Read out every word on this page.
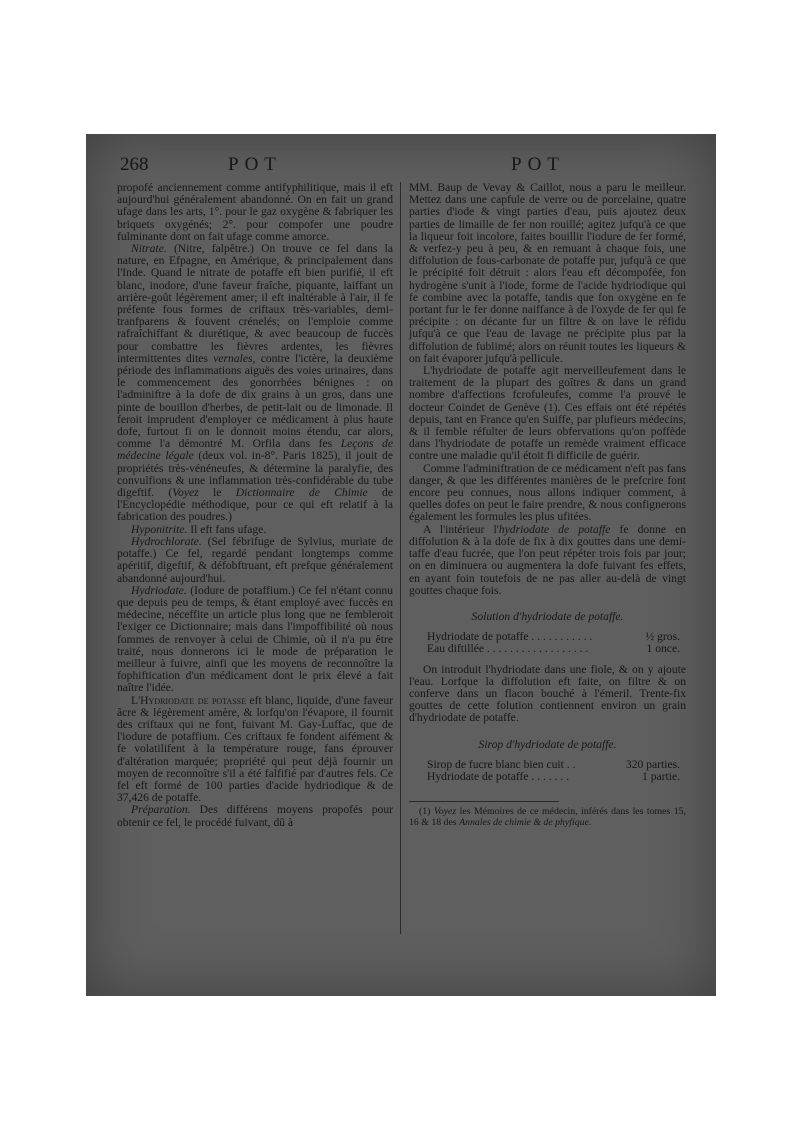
268	POT	POT

propofé anciennement comme antifyphilitique, mais il eft aujourd'hui généralement abandonné. On en fait un grand ufage dans les arts, 1°. pour le gaz oxygène & fabriquer les briquets oxygénés; 2°. pour compofer une poudre fulminante dont on fait ufage comme amorce.

Nitrate. (Nitre, falpêtre.) On trouve ce fel dans la nature, en Efpagne, en Amérique, & principalement dans l'Inde. Quand le nitrate de potaffe eft bien purifié, il eft blanc, inodore, d'une faveur fraîche, piquante, laiffant un arrière-goût légèrement amer; il eft inaltérable à l'air, il fe préfente fous formes de criftaux très-variables, demi-tranfparens & fouvent crénelés; on l'emploie comme rafraîchiffant & diurétique, & avec beaucoup de fuccès pour combattre les fièvres ardentes, les fièvres intermittentes dites vernales, contre l'ictère, la deuxième période des inflammations aiguës des voies urinaires, dans le commencement des gonorrhées bénignes : on l'adminiftre à la dofe de dix grains à un gros, dans une pinte de bouillon d'herbes, de petit-lait ou de limonade. Il feroit imprudent d'employer ce médicament à plus haute dofe, furtout fi on le donnoit moins étendu, car alors, comme l'a démontré M. Orfila dans fes Leçons de médecine légale (deux vol. in-8°. Paris 1825), il jouit de propriétés très-vénéneufes, & détermine la paralyfie, des convulfions & une inflammation très-confidérable du tube digeftif. (Voyez le Dictionnaire de Chimie de l'Encyclopédie méthodique, pour ce qui eft relatif à la fabrication des poudres.)

Hyponitrite. Il eft fans ufage.

Hydrochlorate. (Sel fébrifuge de Sylvius, muriate de potaffe.) Ce fel, regardé pendant longtemps comme apéritif, digeftif, & défobftruant, eft prefque généralement abandonné aujourd'hui.

Hydriodate. (Iodure de potaffium.) Ce fel n'étant connu que depuis peu de temps, & étant employé avec fuccès en médecine, néceffite un article plus long que ne fembleroit l'exiger ce Dictionnaire; mais dans l'impoffibilité où nous fommes de renvoyer à celui de Chimie, où il n'a pu être traité, nous donnerons ici le mode de préparation le meilleur à fuivre, ainfi que les moyens de reconnoître la fophiftication d'un médicament dont le prix élevé a fait naître l'idée.

L'Hydriodate de potasse eft blanc, liquide, d'une faveur âcre & légèrement amère, & lorfqu'on l'évapore, il fournit des criftaux qui ne font, fuivant M. Gay-Luffac, que de l'iodure de potaffium. Ces criftaux fe fondent aifément & fe volatilifent à la température rouge, fans éprouver d'altération marquée; propriété qui peut déjà fournir un moyen de reconnoître s'il a été falfifié par d'autres fels. Ce fel eft formé de 100 parties d'acide hydriodique & de 37,426 de potaffe.

Préparation. Des différens moyens propofés pour obtenir ce fel, le procédé fuivant, dû à

MM. Baup de Vevay & Caillot, nous a paru le meilleur. Mettez dans une capfule de verre ou de porcelaine, quatre parties d'iode & vingt parties d'eau, puis ajoutez deux parties de limaille de fer non rouillé; agitez jufqu'à ce que la liqueur foit incolore, faites bouillir l'iodure de fer formé, & verfez-y peu à peu, & en remuant à chaque fois, une diffolution de fous-carbonate de potaffe pur, jufqu'à ce que le précipité foit détruit : alors l'eau eft décompofée, fon hydrogène s'unit à l'iode, forme de l'acide hydriodique qui fe combine avec la potaffe, tandis que fon oxygène en fe portant fur le fer donne naiffance à de l'oxyde de fer qui fe précipite : on décante fur un filtre & on lave le réfidu jufqu'à ce que l'eau de lavage ne précipite plus par la diffolution de fublimé; alors on réunit toutes les liqueurs & on fait évaporer jufqu'à pellicule.

L'hydriodate de potaffe agit merveilleufement dans le traitement de la plupart des goîtres & dans un grand nombre d'affections fcrofuleufes, comme l'a prouvé le docteur Coindet de Genève (1). Ces effais ont été répétés depuis, tant en France qu'en Suiffe, par plufieurs médecins, & il femble réfulter de leurs obfervations qu'on poffède dans l'hydriodate de potaffe un remède vraiment efficace contre une maladie qu'il étoit fi difficile de guérir.

Comme l'adminiftration de ce médicament n'eft pas fans danger, & que les différentes manières de le prefcrire font encore peu connues, nous allons indiquer comment, à quelles dofes on peut le faire prendre, & nous confignerons également les formules les plus ufitées.

A l'intérieur l'hydriodate de potaffe fe donne en diffolution & à la dofe de fix à dix gouttes dans une demi-taffe d'eau fucrée, que l'on peut répéter trois fois par jour; on en diminuera ou augmentera la dofe fuivant fes effets, en ayant foin toutefois de ne pas aller au-delà de vingt gouttes chaque fois.

Solution d'hydriodate de potaffe.

Hydriodate de potaffe . . . . . . . . . . .	½ gros.
Eau diftillée . . . . . . . . . . . . . . . . . .	1 once.

On introduit l'hydriodate dans une fiole, & on y ajoute l'eau. Lorfque la diffolution eft faite, on filtre & on conferve dans un flacon bouché à l'émeril. Trente-fix gouttes de cette folution contiennent environ un grain d'hydriodate de potaffe.

Sirop d'hydriodate de potaffe.

Sirop de fucre blanc bien cuit . .	320 parties.
Hydriodate de potaffe . . . . . . .	1 partie.

(1) Voyez les Mémoires de ce médecin, inférés dans les tomes 15, 16 & 18 des Annales de chimie & de phyfique.
